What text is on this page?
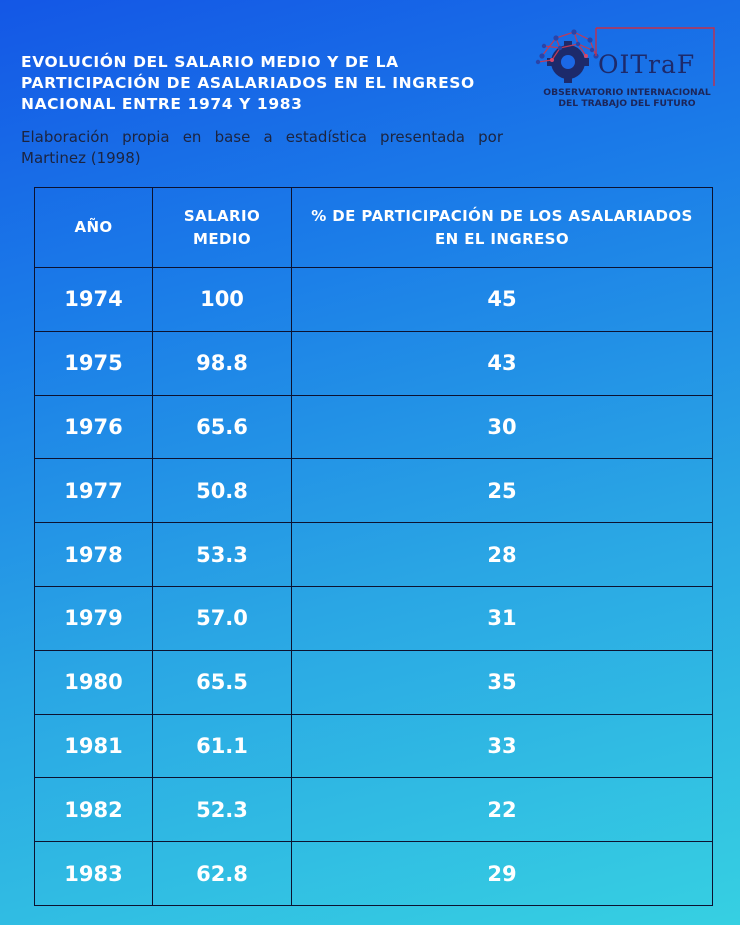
EVOLUCIÓN DEL SALARIO MEDIO Y DE LA PARTICIPACIÓN DE ASALARIADOS EN EL INGRESO NACIONAL ENTRE 1974 Y 1983
Elaboración propia en base a estadística presentada por Martinez (1998)
OITraF
OBSERVATORIO INTERNACIONAL
DEL TRABAJO DEL FUTURO
AÑO	SALARIO MEDIO	% DE PARTICIPACIÓN DE LOS ASALARIADOS EN EL INGRESO
1974	100	45
1975	98.8	43
1976	65.6	30
1977	50.8	25
1978	53.3	28
1979	57.0	31
1980	65.5	35
1981	61.1	33
1982	52.3	22
1983	62.8	29
